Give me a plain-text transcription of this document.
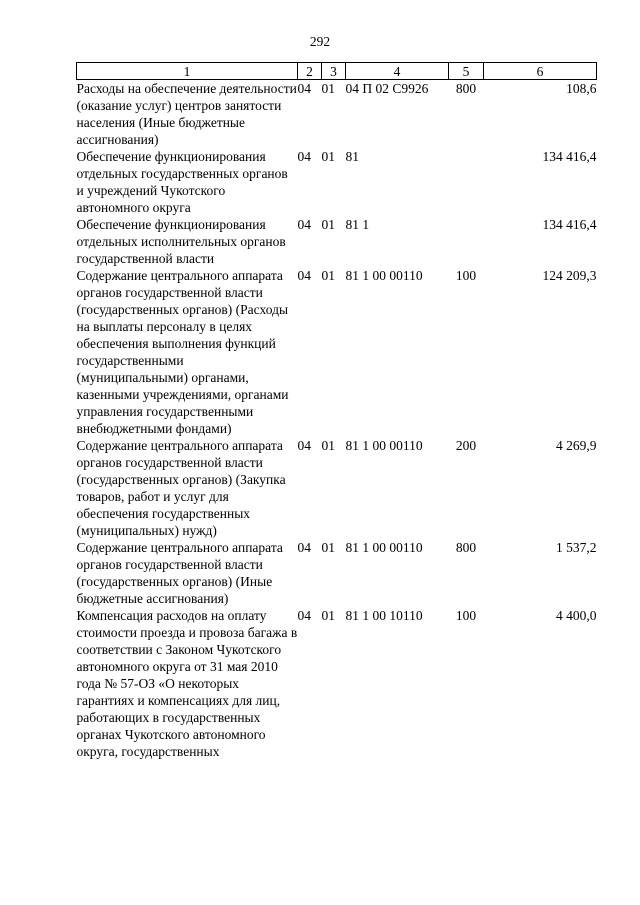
292
1	2	3	4	5	6
Расходы на обеспечение деятельности (оказание услуг) центров занятости населения (Иные бюджетные ассигнования)	04	01	04 П 02 С9926	800	108,6
Обеспечение функционирования отдельных государственных органов и учреждений Чукотского автономного округа	04	01	81		134 416,4
Обеспечение функционирования отдельных исполнительных органов государственной власти	04	01	81 1		134 416,4
Содержание центрального аппарата органов государственной власти (государственных органов) (Расходы на выплаты персоналу в целях обеспечения выполнения функций государственными (муниципальными) органами, казенными учреждениями, органами управления государственными внебюджетными фондами)	04	01	81 1 00 00110	100	124 209,3
Содержание центрального аппарата органов государственной власти (государственных органов) (Закупка товаров, работ и услуг для обеспечения государственных (муниципальных) нужд)	04	01	81 1 00 00110	200	4 269,9
Содержание центрального аппарата органов государственной власти (государственных органов) (Иные бюджетные ассигнования)	04	01	81 1 00 00110	800	1 537,2
Компенсация расходов на оплату стоимости проезда и провоза багажа в соответствии с Законом Чукотского автономного округа от 31 мая 2010 года № 57-ОЗ «О некоторых гарантиях и компенсациях для лиц, работающих в государственных органах Чукотского автономного округа, государственных	04	01	81 1 00 10110	100	4 400,0
